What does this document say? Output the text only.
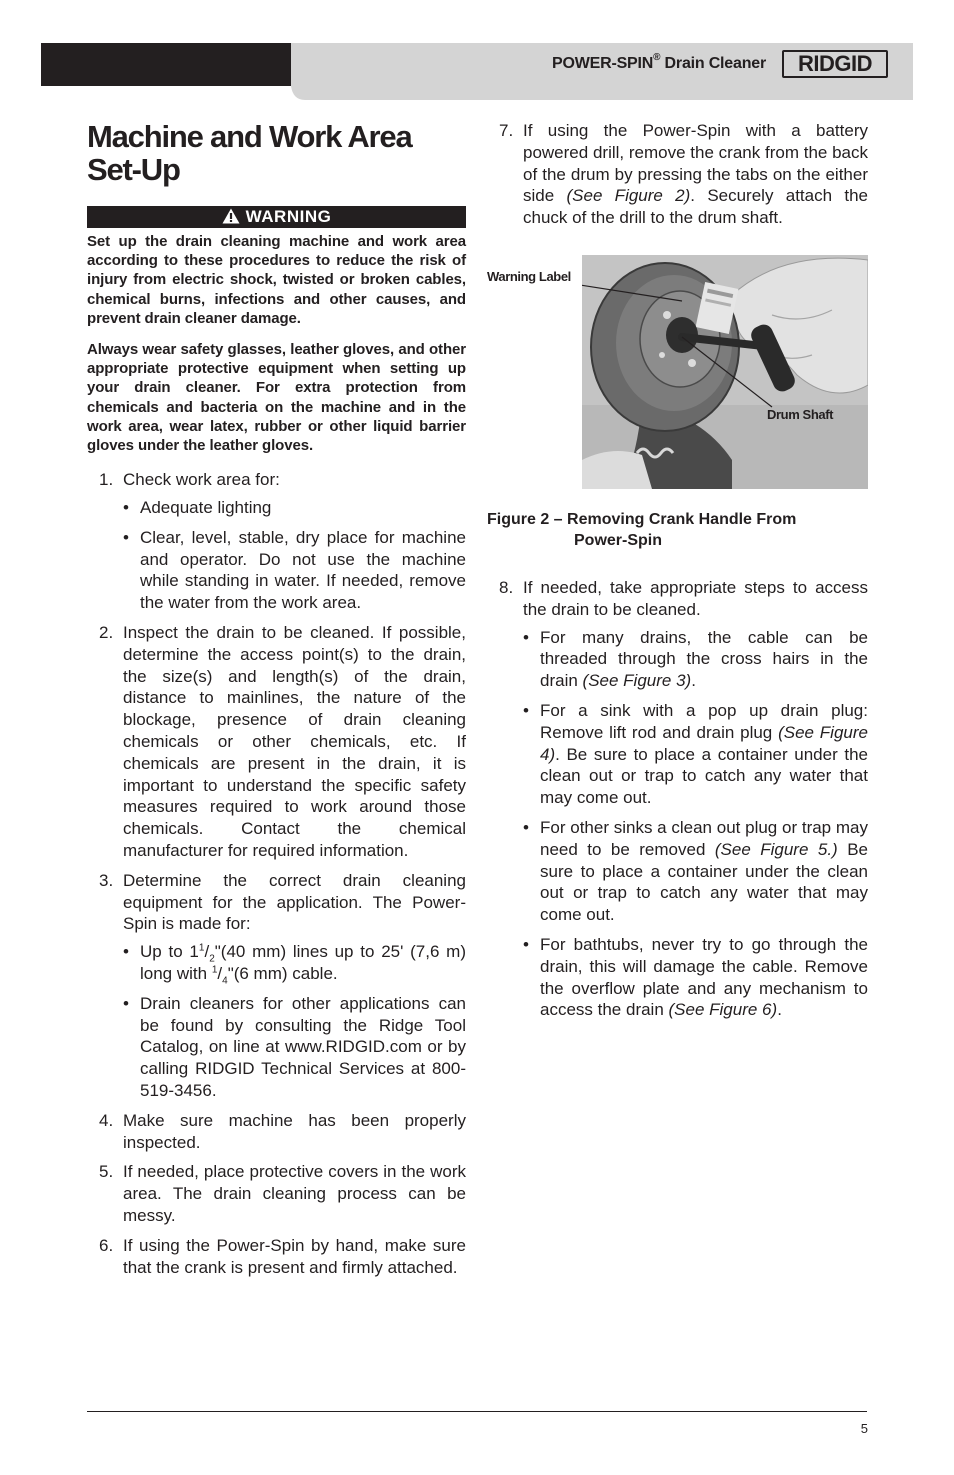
POWER-SPIN® Drain Cleaner	RIDGID
Machine and Work Area
Set-Up
WARNING

Set up the drain cleaning machine and work area according to these procedures to reduce the risk of injury from electric shock, twisted or broken cables, chemical burns, infections and other causes, and prevent drain cleaner damage.

Always wear safety glasses, leather gloves, and other appropriate protective equipment when setting up your drain cleaner. For extra protection from chemicals and bacteria on the machine and in the work area, wear latex, rubber or other liquid barrier gloves under the leather gloves.

1. Check work area for:
• Adequate lighting
• Clear, level, stable, dry place for machine and operator. Do not use the machine while standing in water. If needed, remove the water from the work area.
2. Inspect the drain to be cleaned. If possible, determine the access point(s) to the drain, the size(s) and length(s) of the drain, distance to mainlines, the nature of the blockage, presence of drain cleaning chemicals or other chemicals, etc. If chemicals are present in the drain, it is important to understand the specific safety measures required to work around those chemicals. Contact the chemical manufacturer for required information.
3. Determine the correct drain cleaning equipment for the application. The Power-Spin is made for:
• Up to $1^1/_2"(40$ mm) lines up to 25' (7,6 m) long with $^1/_4"(6$ mm) cable.
• Drain cleaners for other applications can be found by consulting the Ridge Tool Catalog, on line at www.RIDGID.com or by calling RIDGID Technical Services at 800-519-3456.
4. Make sure machine has been properly inspected.
5. If needed, place protective covers in the work area. The drain cleaning process can be messy.
6. If using the Power-Spin by hand, make sure that the crank is present and firmly attached.
7. If using the Power-Spin with a battery powered drill, remove the crank from the back of the drum by pressing the tabs on the either side (See Figure 2). Securely attach the chuck of the drill to the drum shaft.
Warning Label
Drum Shaft
Figure 2 – Removing Crank Handle From
Power-Spin
8. If needed, take appropriate steps to access the drain to be cleaned.
• For many drains, the cable can be threaded through the cross hairs in the drain (See Figure 3).
• For a sink with a pop up drain plug: Remove lift rod and drain plug (See Figure 4). Be sure to place a container under the clean out or trap to catch any water that may come out.
• For other sinks a clean out plug or trap may need to be removed (See Figure 5.) Be sure to place a container under the clean out or trap to catch any water that may come out.
• For bathtubs, never try to go through the drain, this will damage the cable. Remove the overflow plate and any mechanism to access the drain (See Figure 6).
5
